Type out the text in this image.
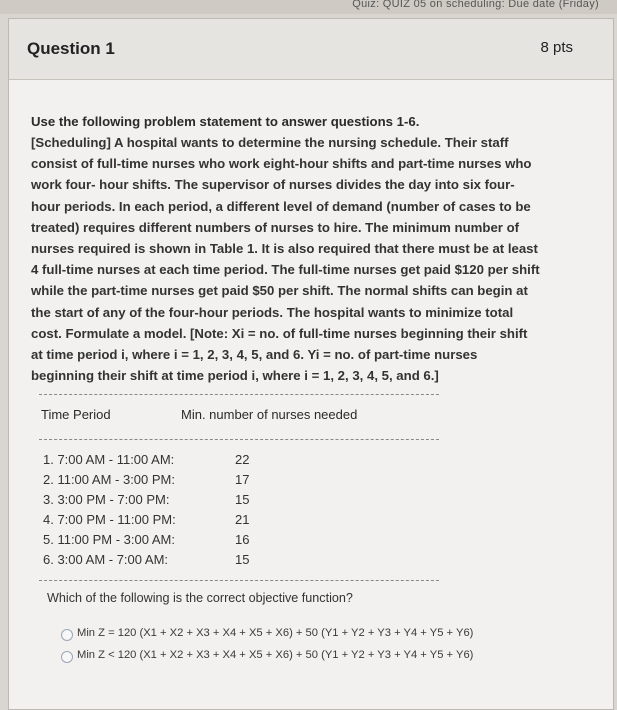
Quiz: QUIZ 05 on scheduling: Due date (Friday)
Question 1	8 pts

Use the following problem statement to answer questions 1-6.

[Scheduling] A hospital wants to determine the nursing schedule. Their staff consist of full-time nurses who work eight-hour shifts and part-time nurses who work four- hour shifts. The supervisor of nurses divides the day into six four-hour periods. In each period, a different level of demand (number of cases to be treated) requires different numbers of nurses to hire. The minimum number of nurses required is shown in Table 1. It is also required that there must be at least 4 full-time nurses at each time period. The full-time nurses get paid $120 per shift while the part-time nurses get paid $50 per shift. The normal shifts can begin at the start of any of the four-hour periods. The hospital wants to minimize total cost. Formulate a model. [Note: Xi = no. of full-time nurses beginning their shift at time period i, where i = 1, 2, 3, 4, 5, and 6. Yi = no. of part-time nurses beginning their shift at time period i, where i = 1, 2, 3, 4, 5, and 6.]

Time Period	Min. number of nurses needed
1. 7:00 AM - 11:00 AM:	22
2. 11:00 AM - 3:00 PM:	17
3. 3:00 PM - 7:00 PM:	15
4. 7:00 PM - 11:00 PM:	21
5. 11:00 PM - 3:00 AM:	16
6. 3:00 AM - 7:00 AM:	15

Which of the following is the correct objective function?

Min Z = 120 (X1 + X2 + X3 + X4 + X5 + X6) + 50 (Y1 + Y2 + Y3 + Y4 + Y5 + Y6)
Min Z < 120 (X1 + X2 + X3 + X4 + X5 + X6) + 50 (Y1 + Y2 + Y3 + Y4 + Y5 + Y6)
